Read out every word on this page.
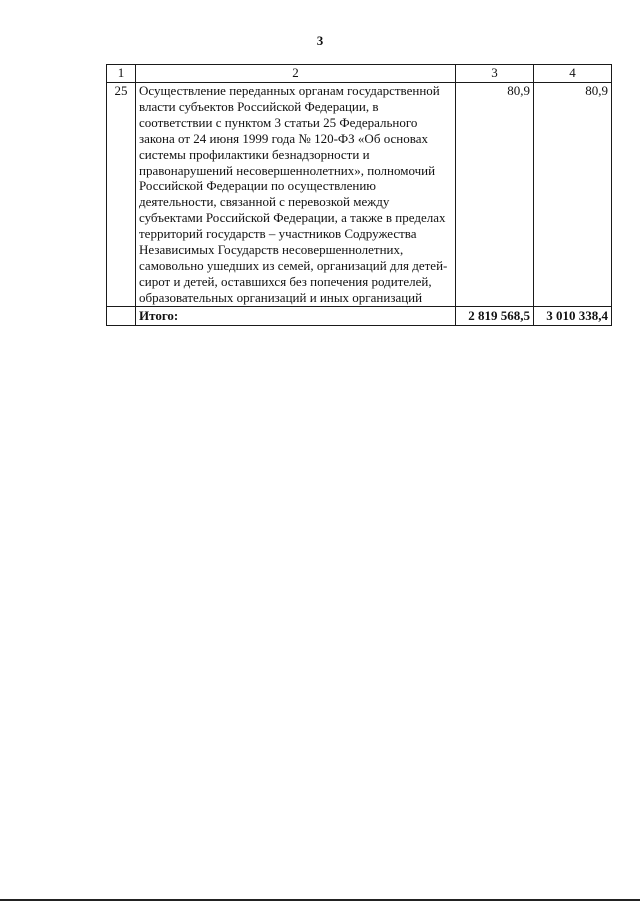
3
1	2	3	4
25	Осуществление переданных органам государственной власти субъектов Российской Федерации, в соответствии с пунктом 3 статьи 25 Федерального закона от 24 июня 1999 года № 120-ФЗ «Об основах системы профилактики безнадзорности и правонарушений несовершеннолетних», полномочий Российской Федерации по осуществлению деятельности, связанной с перевозкой между субъектами Российской Федерации, а также в пределах территорий государств – участников Содружества Независимых Государств несовершеннолетних, самовольно ушедших из семей, организаций для детей-сирот и детей, оставшихся без попечения родителей, образовательных организаций и иных организаций	80,9	80,9
	Итого:	2 819 568,5	3 010 338,4
